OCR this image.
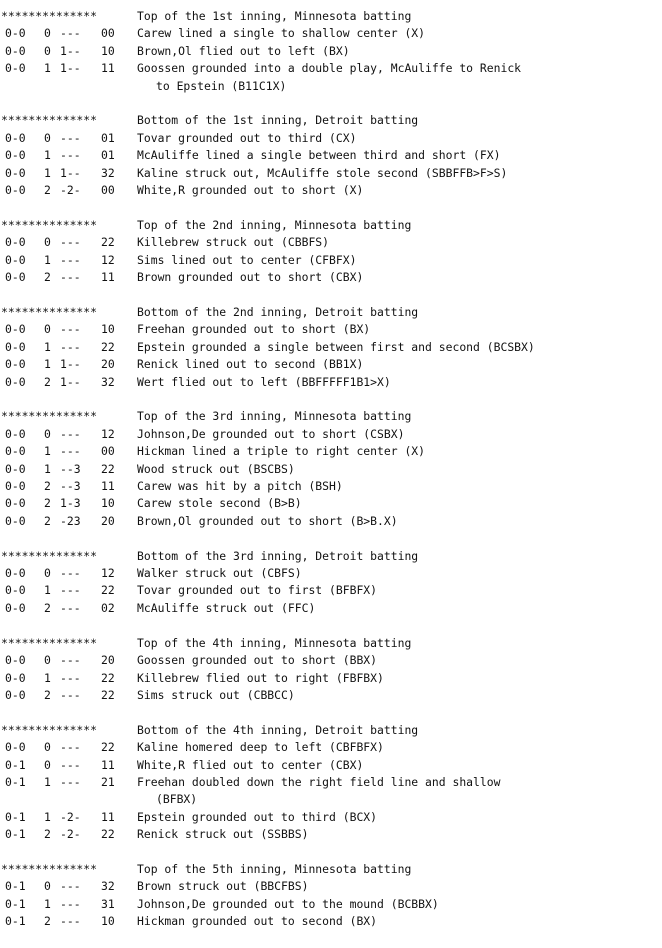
**************	Top of the 1st inning, Minnesota batting
0-0 0 --- 00 Carew lined a single to shallow center (X)
0-0 0 1-- 10 Brown,Ol flied out to left (BX)
0-0 1 1-- 11 Goossen grounded into a double play, McAuliffe to Renick
to Epstein (B11C1X)
**************	Bottom of the 1st inning, Detroit batting
0-0 0 --- 01 Tovar grounded out to third (CX)
0-0 1 --- 01 McAuliffe lined a single between third and short (FX)
0-0 1 1-- 32 Kaline struck out, McAuliffe stole second (SBBFFB>F>S)
0-0 2 -2- 00 White,R grounded out to short (X)
**************	Top of the 2nd inning, Minnesota batting
0-0 0 --- 22 Killebrew struck out (CBBFS)
0-0 1 --- 12 Sims lined out to center (CFBFX)
0-0 2 --- 11 Brown grounded out to short (CBX)
**************	Bottom of the 2nd inning, Detroit batting
0-0 0 --- 10 Freehan grounded out to short (BX)
0-0 1 --- 22 Epstein grounded a single between first and second (BCSBX)
0-0 1 1-- 20 Renick lined out to second (BB1X)
0-0 2 1-- 32 Wert flied out to left (BBFFFFF1B1>X)
**************	Top of the 3rd inning, Minnesota batting
0-0 0 --- 12 Johnson,De grounded out to short (CSBX)
0-0 1 --- 00 Hickman lined a triple to right center (X)
0-0 1 --3 22 Wood struck out (BSCBS)
0-0 2 --3 11 Carew was hit by a pitch (BSH)
0-0 2 1-3 10 Carew stole second (B>B)
0-0 2 -23 20 Brown,Ol grounded out to short (B>B.X)
**************	Bottom of the 3rd inning, Detroit batting
0-0 0 --- 12 Walker struck out (CBFS)
0-0 1 --- 22 Tovar grounded out to first (BFBFX)
0-0 2 --- 02 McAuliffe struck out (FFC)
**************	Top of the 4th inning, Minnesota batting
0-0 0 --- 20 Goossen grounded out to short (BBX)
0-0 1 --- 22 Killebrew flied out to right (FBFBX)
0-0 2 --- 22 Sims struck out (CBBCC)
**************	Bottom of the 4th inning, Detroit batting
0-0 0 --- 22 Kaline homered deep to left (CBFBFX)
0-1 0 --- 11 White,R flied out to center (CBX)
0-1 1 --- 21 Freehan doubled down the right field line and shallow
(BFBX)
0-1 1 -2- 11 Epstein grounded out to third (BCX)
0-1 2 -2- 22 Renick struck out (SSBBS)
**************	Top of the 5th inning, Minnesota batting
0-1 0 --- 32 Brown struck out (BBCFBS)
0-1 1 --- 31 Johnson,De grounded out to the mound (BCBBX)
0-1 2 --- 10 Hickman grounded out to second (BX)
